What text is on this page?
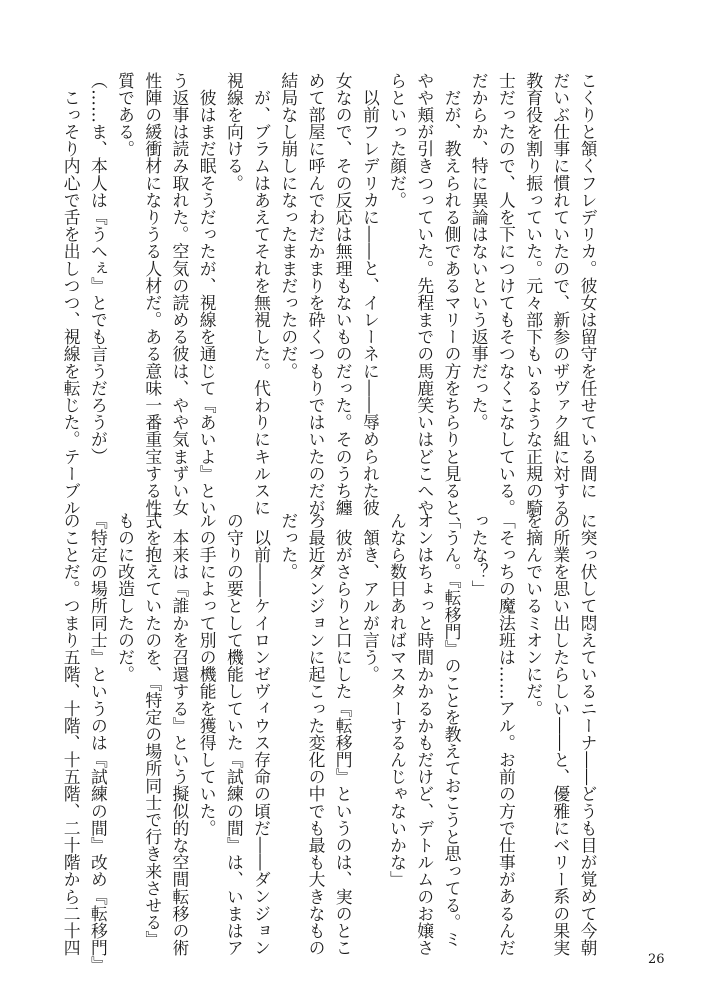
こくりと頷くフレデリカ。彼女は留守を任せている間に
だいぶ仕事に慣れていたので、新参のザヴァク組に対する
教育役を割り振っていた。元々部下もいるような正規の騎
士だったので、人を下につけてもそつなくこなしている。
だからか、特に異論はないという返事だった。
　だが、教えられる側であるマリーの方をちらりと見ると、
やや頬が引きつっていた。先程までの馬鹿笑いはどこへや
らといった顔だ。
　以前フレデリカに――と、イレーネに――辱められた彼
女なので、その反応は無理もないものだった。そのうち纏
めて部屋に呼んでわだかまりを砕くつもりではいたのだが、
結局なし崩しになったままだったのだ。
　が、ブラムはあえてそれを無視した。代わりにキルスに
視線を向ける。
　彼はまだ眠そうだったが、視線を通じて『あいよ』とい
う返事は読み取れた。空気の読める彼は、やや気まずい女
性陣の緩衝材になりうる人材だ。ある意味一番重宝する性
質である。
（……ま、本人は『うへぇ』とでも言うだろうが）
　こっそり内心で舌を出しつつ、視線を転じた。テーブル
に突っ伏して悶えているニーナ――どうも目が覚めて今朝
の所業を思い出したらしい――と、優雅にベリー系の果実
を摘んでいるミオンにだ。
「そっちの魔法班は……アル。お前の方で仕事があるんだ
ったな？」
「うん。『転移門』のことを教えておこうと思ってる。ミ
オンはちょっと時間かかるかもだけど、デトルムのお嬢さ
んなら数日あればマスターするんじゃないかな」
　頷き、アルが言う。
　彼がさらりと口にした『転移門』というのは、実のとこ
ろ最近ダンジョンに起こった変化の中でも最も大きなもの
だった。
　以前――ケイロンゼヴィウス存命の頃だ――ダンジョン
の守りの要として機能していた『試練の間』は、いまはア
ルの手によって別の機能を獲得していた。
　本来は『誰かを召還する』という擬似的な空間転移の術
式を抱えていたのを、『特定の場所同士で行き来させる』
ものに改造したのだ。
『特定の場所同士』というのは『試練の間』改め『転移門』
のことだ。つまり五階、十階、十五階、二十階から二十四
26
